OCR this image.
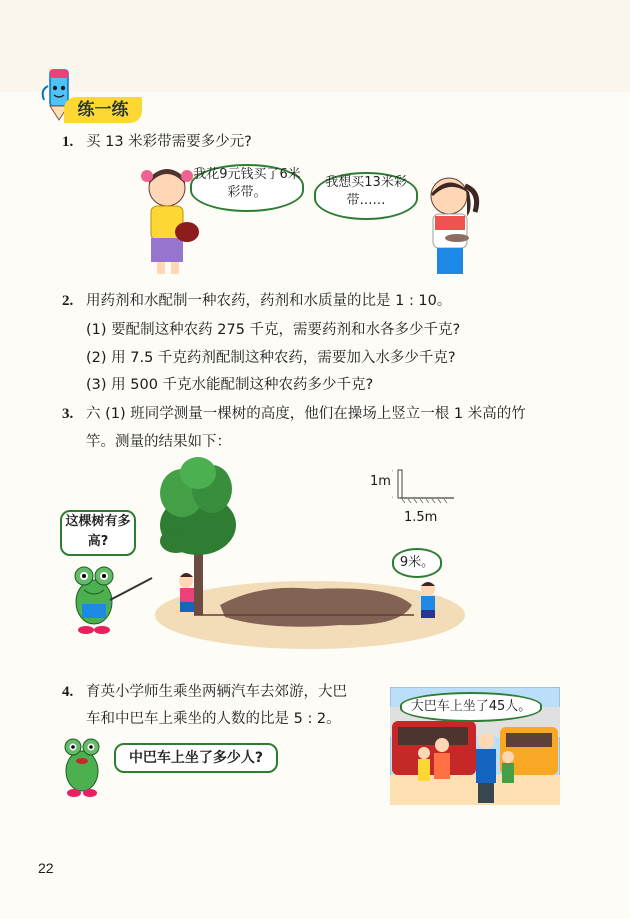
练一练
1. 买 13 米彩带需要多少元?
我花9元钱买了6米彩带。
我想买13米彩带……
2. 用药剂和水配制一种农药，药剂和水质量的比是 1 : 10。
(1) 要配制这种农药 275 千克，需要药剂和水各多少千克?
(2) 用 7.5 千克药剂配制这种农药，需要加入水多少千克?
(3) 用 500 千克水能配制这种农药多少千克?
3. 六 (1) 班同学测量一棵树的高度，他们在操场上竖立一根 1 米高的竹
竿。测量的结果如下：
1m
1.5m
这棵树有多高?
9米。
4. 育英小学师生乘坐两辆汽车去郊游，大巴
车和中巴车上乘坐的人数的比是 5 : 2。
中巴车上坐了多少人?
大巴车上坐了45人。
22
